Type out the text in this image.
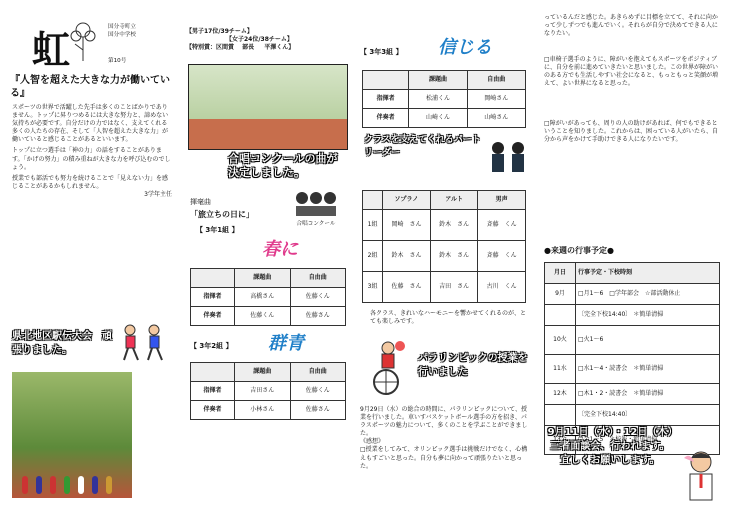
虹	国分寺町立国分中学校
第10号
『人智を超えた大きな力が働いている』
スポーツの世界で活躍した先手は多くのことばかりでありません。トップに昇りつめるには大きな努力と、諦めない気持ちが必要です。自分だけの力ではなく、支えてくれる多くの人たちの存在、そして「人智を超えた大きな力」が働いていると感じることがあるといいます。
トップに立つ選手は「神の力」の話をすることがあります。「かげの努力」の積み重ねが大きな力を呼び込むのでしょう。
授業でも部活でも努力を続けることで「見えない力」を感じることがあるかもしれません。
3学年主任
県北地区駅伝大会　頑張りました。
【男子17位/39チーム】
【女子24位/38チーム】
【特別賞：区間賞　 部長 　 平澤くん】
合唱コンクールの曲が決定しました。
揮毫曲
「旅立ちの日に」
【 3年1組 】
合唱コンクール
春に
	課題曲	自由曲
指揮者	高橋さん	佐藤くん
伴奏者	佐藤くん	佐藤さん
【 3年2組 】 群青
	課題曲	自由曲
指揮者	吉田さん	佐藤くん
伴奏者	小林さん	佐藤さん
【 3年3組 】 信じる
	課題曲	自由曲
指揮者	松浦くん	岡崎さん
伴奏者	山崎くん	山崎さん
クラスを支えてくれるパートリーダー
	ソプラノ	アルト	男声
1組	岡崎　さん	鈴木　さん	斉藤　くん
2組	鈴木　さん	鈴木　さん	斉藤　くん
3組	佐藤　さん	吉田　さん	古川　くん
各クラス、きれいなハーモニーを響かせてくれるのが、とても楽しみです。
パラリンピックの授業を行いました
9月29日（水）の総合の時間に、パラリンピックについて、授業を行いました。車いすバスケットボール選手の方を招き、パラスポーツの魅力について、多くのことを学ぶことができました。
《感想》
□授業をしてみて、オリンピック選手は挑戦だけでなく、心構えもすごいと思った。自分も夢に向かって頑張りたいと思った。
っているんだと感じた。あきらめずに目標を立てて、それに向かって少しずつでも進んでいく。それらが自分で決めてできる人になりたい。
□車椅子選手のように、障がいを抱えてもスポーツをポジティブに、自分を前に進めていきたいと思いました。この世界が障がいのある方でも生活しやすい社会になると、もっともっと笑顔が増えて、よい世界になると思った。
□障がいがあっても、周りの人の助けがあれば、何でもできるということを知りました。これからは、困っている人がいたら、自分から声をかけて手助けできる人になりたいです。
●来週の行事予定●
月日	行事予定・下校時刻
9月	□月1～6　□学年部会　☆部活動休止
	〔完全下校14:40〕 ＊簡単清掃
10火	□火1～6
11水	□水1～4・読書会　＊簡単清掃
12木	□木1・2・読書会　＊簡単清掃
	〔完全下校14:40〕
13金	□金1～5　＊校報・簡単清掃
9月11日（水）・12日（木）三者面談会、行われます。宜しくお願いします。
